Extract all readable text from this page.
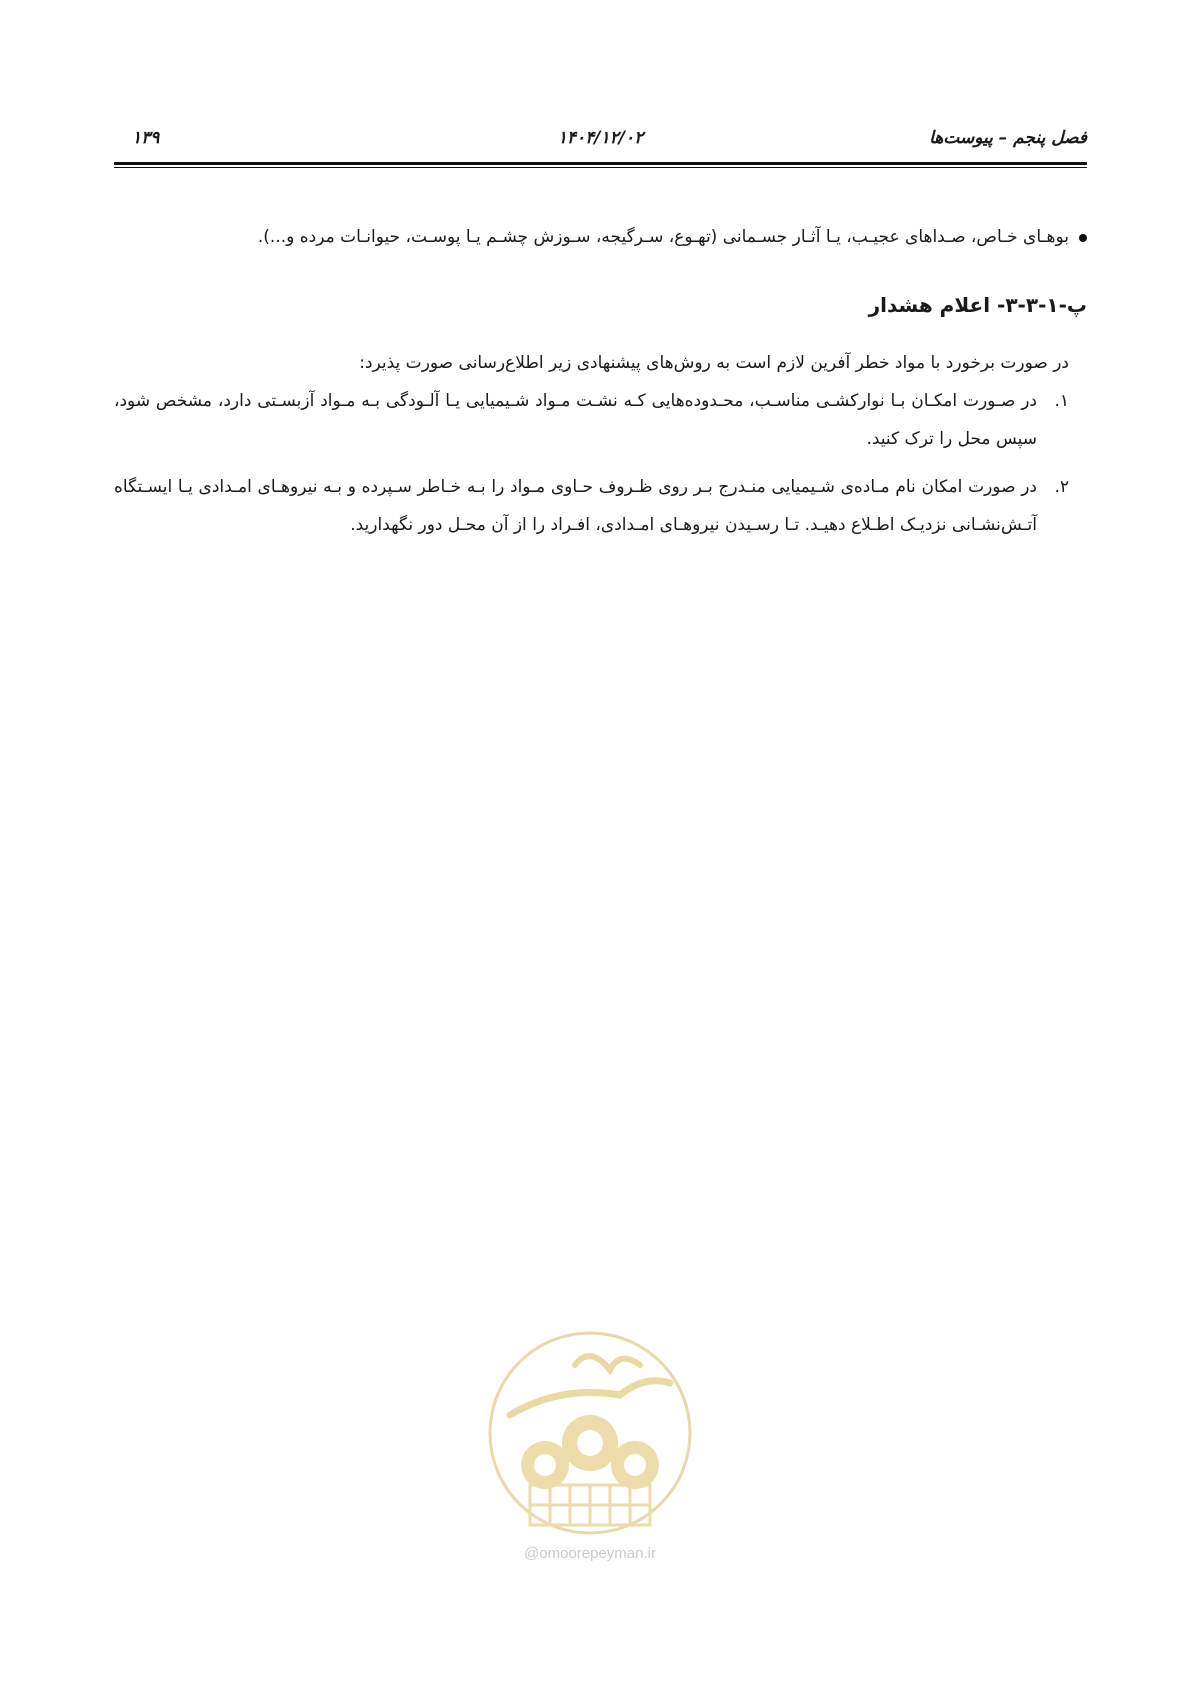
فصل پنجم – پیوست‌ها
۱۴۰۴/۱۲/۰۲
۱۳۹

بوهـای خـاص، صـداهای عجیـب، یـا آثـار جسـمانی (تهـوع، سـرگیجه، سـوزش چشـم یـا پوسـت، حیوانـات مرده و...).

پ-۱-۳-۳- اعلام هشدار

در صورت برخورد با مواد خطر آفرین لازم است به روش‌های پیشنهادی زیر اطلاع‌رسانی صورت پذیرد:

۱.
در صـورت امکـان بـا نوارکشـی مناسـب، محـدوده‌هایی کـه نشـت مـواد شـیمیایی یـا آلـودگی بـه مـواد آزبسـتی دارد، مشخص شود، سپس محل را ترک کنید.
۲.
در صورت امکان نام مـاده‌ی شـیمیایی منـدرج بـر روی ظـروف حـاوی مـواد را بـه خـاطر سـپرده و بـه نیروهـای امـدادی یـا ایسـتگاه آتـش‌نشـانی نزدیـک اطـلاع دهیـد. تـا رسـیدن نیروهـای امـدادی، افـراد را از آن محـل دور نگهدارید.
@omoorepeyman.ir
